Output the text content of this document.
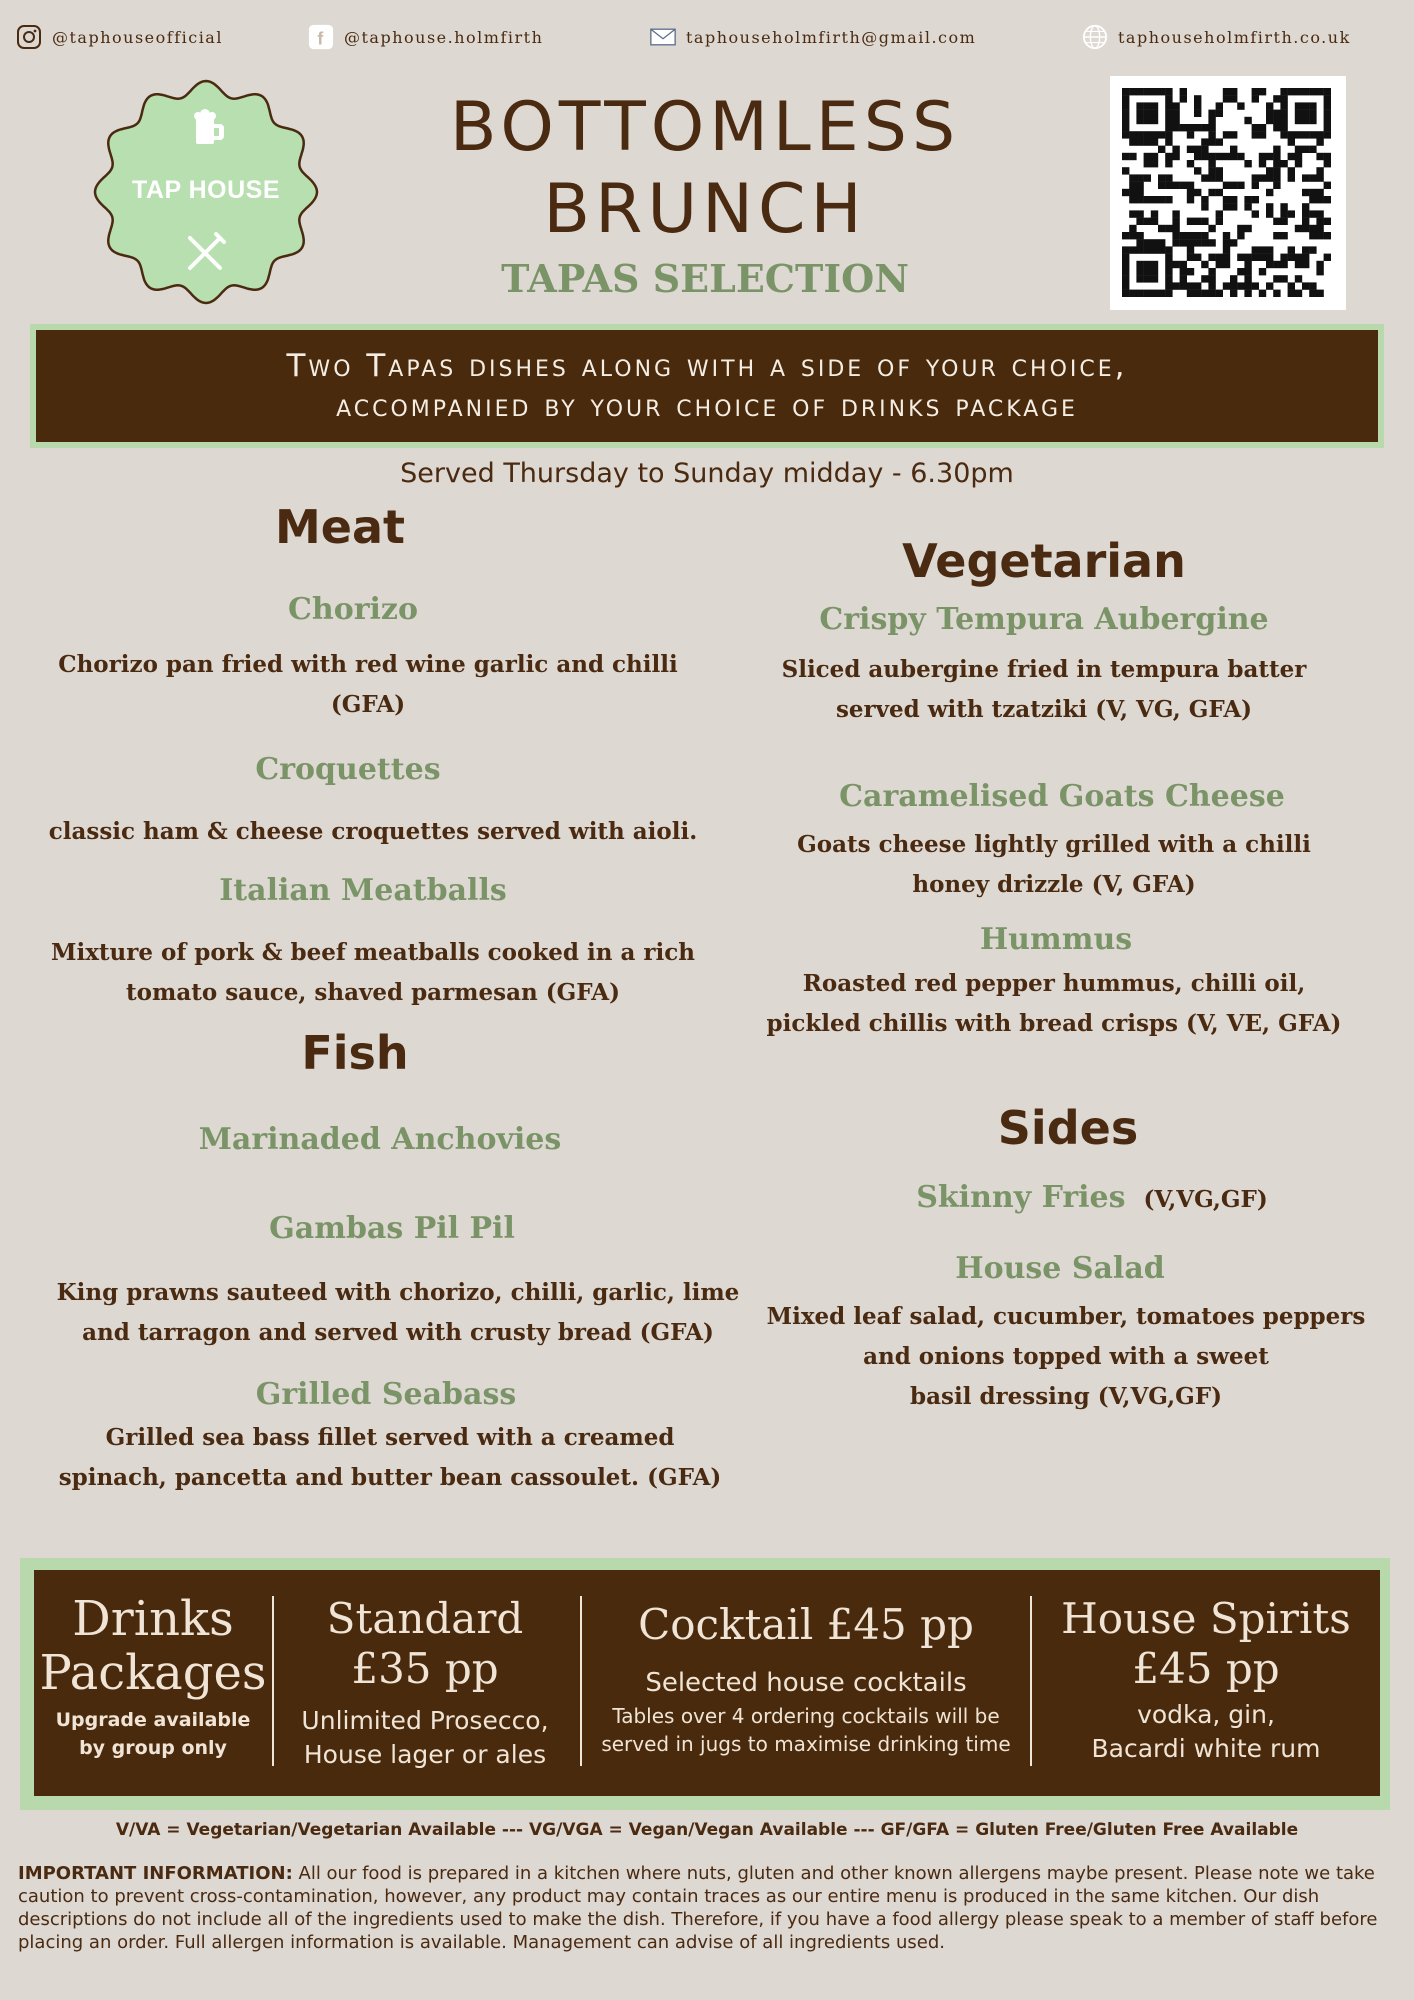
@taphouseofficial	f @taphouse.holmfirth	taphouseholmfirth@gmail.com	taphouseholmfirth.co.uk
TAP HOUSE
BOTTOMLESS
BRUNCH
TAPAS SELECTION
Two Tapas dishes along with a side of your choice,
accompanied by your choice of drinks package
Served Thursday to Sunday midday - 6.30pm
Meat
Chorizo
Chorizo pan fried with red wine garlic and chilli
(GFA)
Croquettes
classic ham & cheese croquettes served with aioli.
Italian Meatballs
Mixture of pork & beef meatballs cooked in a rich
tomato sauce, shaved parmesan (GFA)
Fish
Marinaded Anchovies
Gambas Pil Pil
King prawns sauteed with chorizo, chilli, garlic, lime
and tarragon and served with crusty bread (GFA)
Grilled Seabass
Grilled sea bass fillet served with a creamed
spinach, pancetta and butter bean cassoulet. (GFA)
Vegetarian
Crispy Tempura Aubergine
Sliced aubergine fried in tempura batter
served with tzatziki (V, VG, GFA)
Caramelised Goats Cheese
Goats cheese lightly grilled with a chilli
honey drizzle (V, GFA)
Hummus
Roasted red pepper hummus, chilli oil,
pickled chillis with bread crisps (V, VE, GFA)
Sides
Skinny Fries (V,VG,GF)
House Salad
Mixed leaf salad, cucumber, tomatoes peppers
and onions topped with a sweet
basil dressing (V,VG,GF)
Drinks
Packages
Upgrade available
by group only
Standard
£35 pp
Unlimited Prosecco,
House lager or ales
Cocktail £45 pp
Selected house cocktails
Tables over 4 ordering cocktails will be
served in jugs to maximise drinking time
House Spirits
£45 pp
vodka, gin,
Bacardi white rum
V/VA = Vegetarian/Vegetarian Available --- VG/VGA = Vegan/Vegan Available --- GF/GFA = Gluten Free/Gluten Free Available
IMPORTANT INFORMATION: All our food is prepared in a kitchen where nuts, gluten and other known allergens maybe present. Please note we take caution to prevent cross-contamination, however, any product may contain traces as our entire menu is produced in the same kitchen. Our dish descriptions do not include all of the ingredients used to make the dish. Therefore, if you have a food allergy please speak to a member of staff before placing an order. Full allergen information is available. Management can advise of all ingredients used.
